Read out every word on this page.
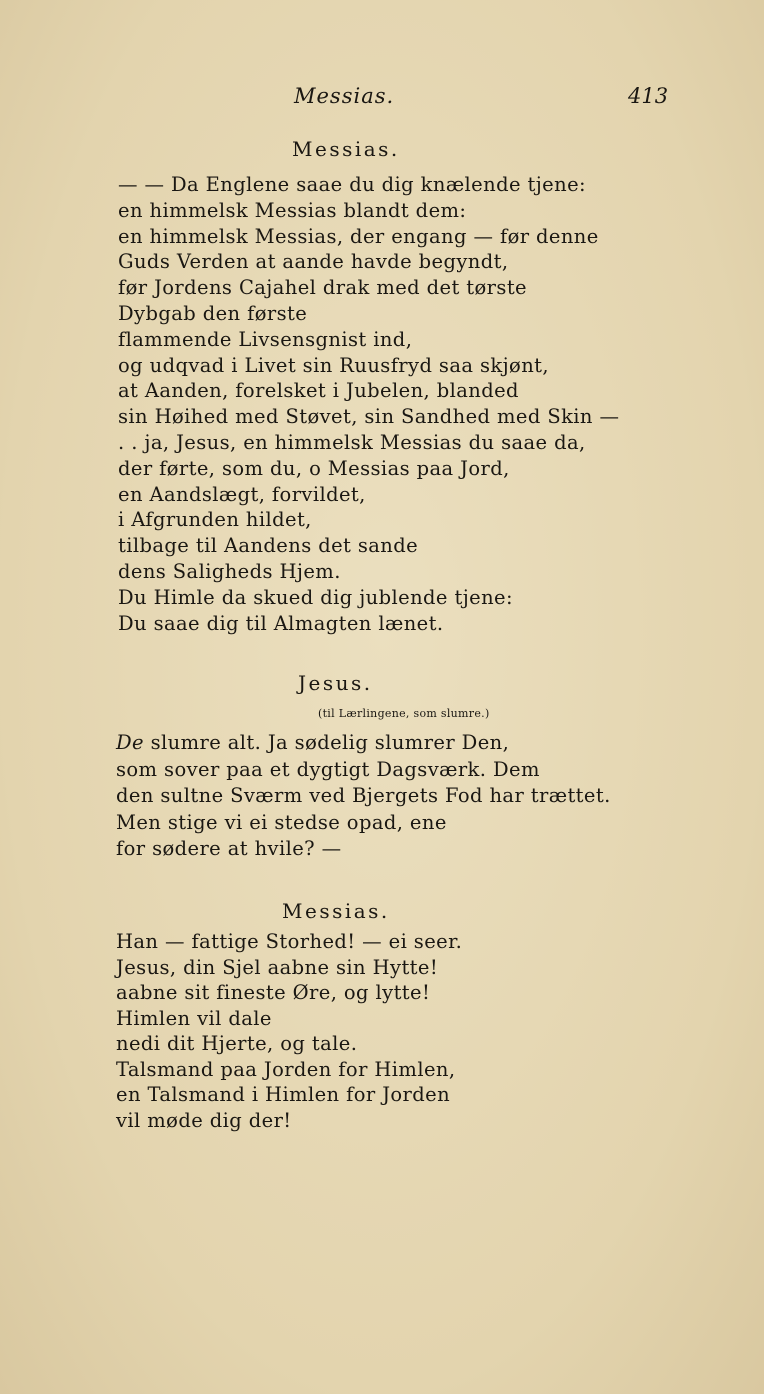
Messias.	413
Messias.
— — Da Englene saae du dig knælende tjene:
en himmelsk Messias blandt dem:
en himmelsk Messias, der engang — før denne
Guds Verden at aande havde begyndt,
før Jordens Cajahel drak med det tørste
Dybgab den første
flammende Livsensgnist ind,
og udqvad i Livet sin Ruusfryd saa skjønt,
at Aanden, forelsket i Jubelen, blanded
sin Høihed med Støvet, sin Sandhed med Skin —
. . ja, Jesus, en himmelsk Messias du saae da,
der førte, som du, o Messias paa Jord,
en Aandslægt, forvildet,
i Afgrunden hildet,
tilbage til Aandens det sande
dens Saligheds Hjem.
Du Himle da skued dig jublende tjene:
Du saae dig til Almagten lænet.
Jesus.
(til Lærlingene, som slumre.)
De slumre alt. Ja sødelig slumrer Den,
som sover paa et dygtigt Dagsværk. Dem
den sultne Sværm ved Bjergets Fod har trættet.
Men stige vi ei stedse opad, ene
for sødere at hvile? —
Messias.
Han — fattige Storhed! — ei seer.
Jesus, din Sjel aabne sin Hytte!
aabne sit fineste Øre, og lytte!
Himlen vil dale
nedi dit Hjerte, og tale.
Talsmand paa Jorden for Himlen,
en Talsmand i Himlen for Jorden
vil møde dig der!
